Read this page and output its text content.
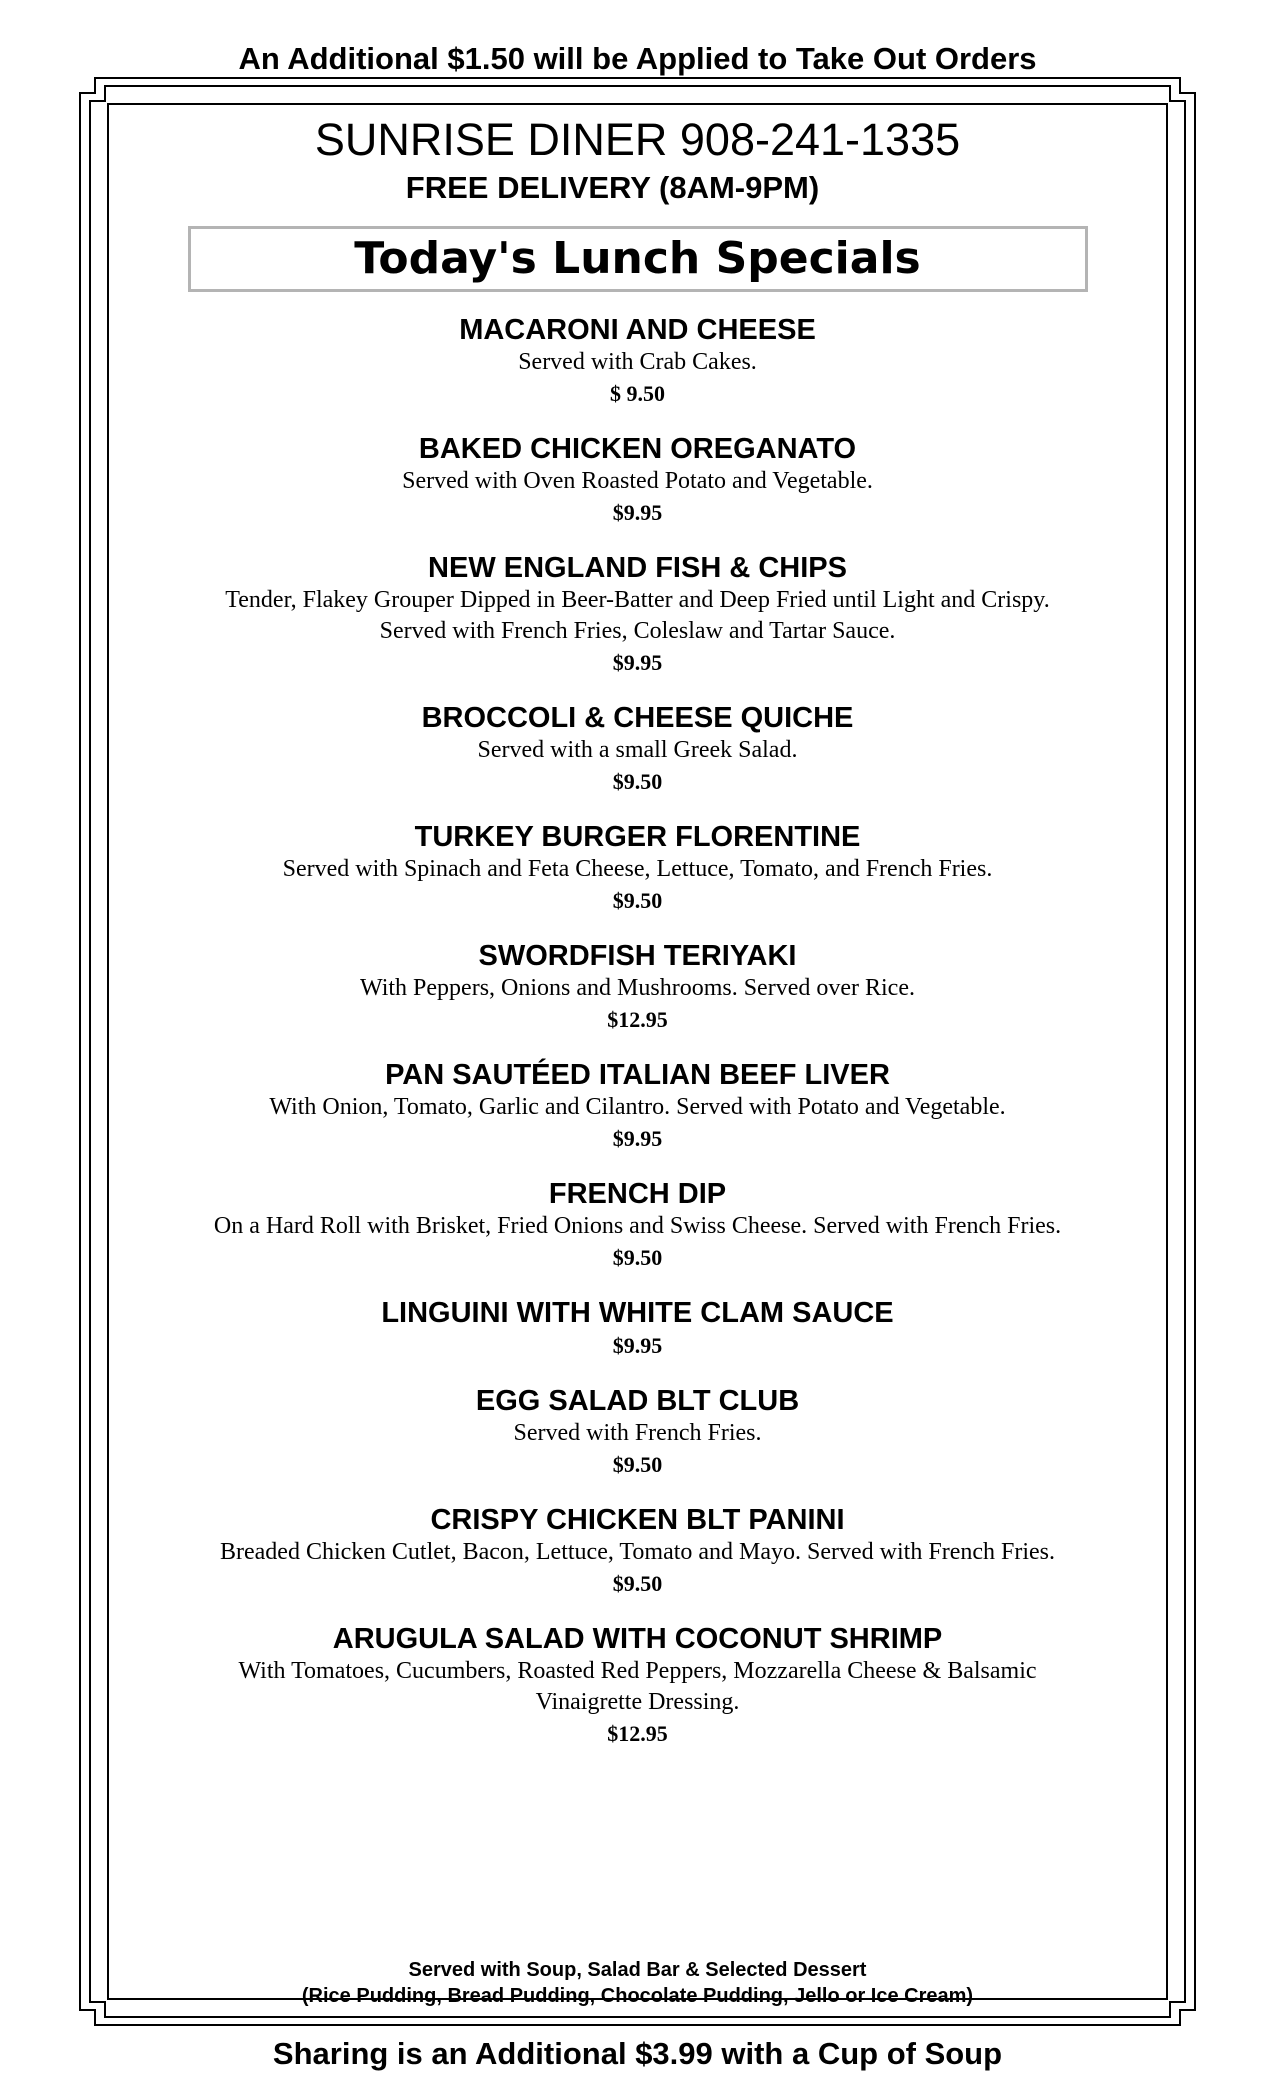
An Additional $1.50 will be Applied to Take Out Orders
SUNRISE DINER 908-241-1335
FREE DELIVERY (8AM-9PM)
Today's Lunch Specials
MACARONI AND CHEESE
Served with Crab Cakes.
$ 9.50
BAKED CHICKEN OREGANATO
Served with Oven Roasted Potato and Vegetable.
$9.95
NEW ENGLAND FISH & CHIPS
Tender, Flakey Grouper Dipped in Beer-Batter and Deep Fried until Light and Crispy. Served with French Fries, Coleslaw and Tartar Sauce.
$9.95
BROCCOLI & CHEESE QUICHE
Served with a small Greek Salad.
$9.50
TURKEY BURGER FLORENTINE
Served with Spinach and Feta Cheese, Lettuce, Tomato, and French Fries.
$9.50
SWORDFISH TERIYAKI
With Peppers, Onions and Mushrooms. Served over Rice.
$12.95
PAN SAUTÉED ITALIAN BEEF LIVER
With Onion, Tomato, Garlic and Cilantro. Served with Potato and Vegetable.
$9.95
FRENCH DIP
On a Hard Roll with Brisket, Fried Onions and Swiss Cheese. Served with French Fries.
$9.50
LINGUINI WITH WHITE CLAM SAUCE
$9.95
EGG SALAD BLT CLUB
Served with French Fries.
$9.50
CRISPY CHICKEN BLT PANINI
Breaded Chicken Cutlet, Bacon, Lettuce, Tomato and Mayo. Served with French Fries.
$9.50
ARUGULA SALAD WITH COCONUT SHRIMP
With Tomatoes, Cucumbers, Roasted Red Peppers, Mozzarella Cheese & Balsamic Vinaigrette Dressing.
$12.95
Served with Soup, Salad Bar & Selected Dessert
(Rice Pudding, Bread Pudding, Chocolate Pudding, Jello or Ice Cream)
Sharing is an Additional $3.99 with a Cup of Soup
